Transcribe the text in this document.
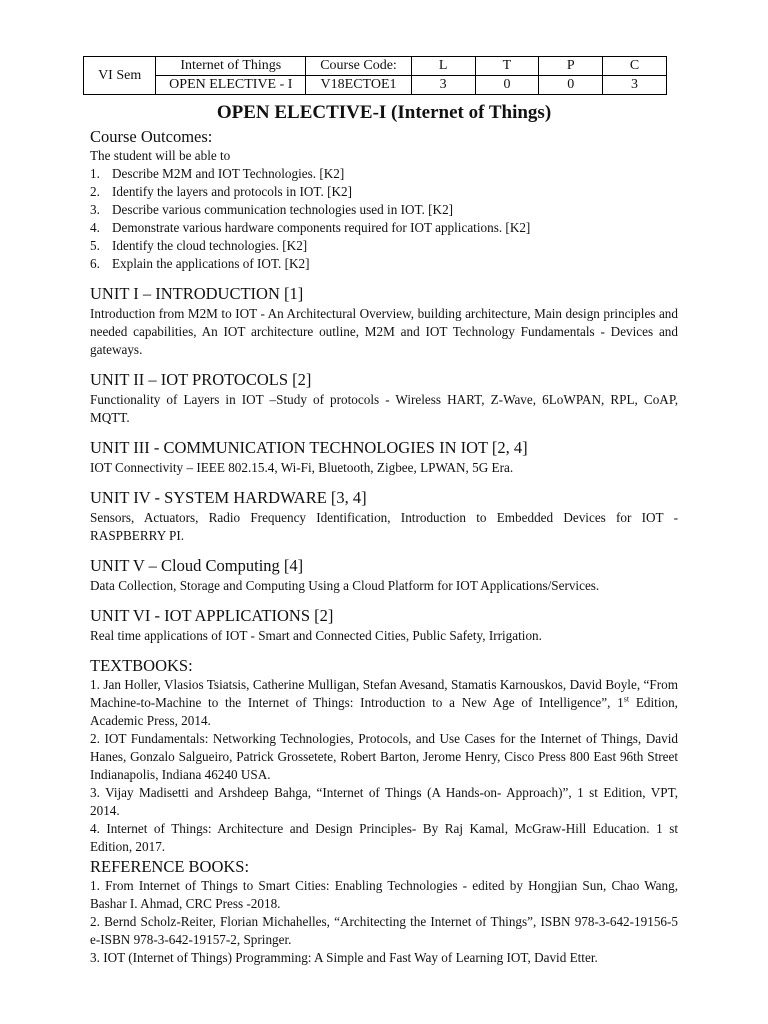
VI Sem	Internet of Things	Course Code:	L	T	P	C
	OPEN ELECTIVE - I	V18ECTOE1	3	0	0	3
OPEN ELECTIVE-I (Internet of Things)

Course Outcomes:

The student will be able to

1. Describe M2M and IOT Technologies. [K2]
2. Identify the layers and protocols in IOT. [K2]
3. Describe various communication technologies used in IOT. [K2]
4. Demonstrate various hardware components required for IOT applications. [K2]
5. Identify the cloud technologies. [K2]
6. Explain the applications of IOT. [K2]

UNIT I – INTRODUCTION [1]

Introduction from M2M to IOT - An Architectural Overview, building architecture, Main design principles and needed capabilities, An IOT architecture outline, M2M and IOT Technology Fundamentals - Devices and gateways.

UNIT II – IOT PROTOCOLS [2]

Functionality of Layers in IOT –Study of protocols - Wireless HART, Z-Wave, 6LoWPAN, RPL, CoAP, MQTT.

UNIT III - COMMUNICATION TECHNOLOGIES IN IOT [2, 4]

IOT Connectivity – IEEE 802.15.4, Wi-Fi, Bluetooth, Zigbee, LPWAN, 5G Era.

UNIT IV - SYSTEM HARDWARE [3, 4]

Sensors, Actuators, Radio Frequency Identification, Introduction to Embedded Devices for IOT - RASPBERRY PI.

UNIT V – Cloud Computing [4]

Data Collection, Storage and Computing Using a Cloud Platform for IOT Applications/Services.

UNIT VI - IOT APPLICATIONS [2]

Real time applications of IOT - Smart and Connected Cities, Public Safety, Irrigation.

TEXTBOOKS:

1. Jan Holler, Vlasios Tsiatsis, Catherine Mulligan, Stefan Avesand, Stamatis Karnouskos, David Boyle, “From Machine-to-Machine to the Internet of Things: Introduction to a New Age of Intelligence”, 1st Edition, Academic Press, 2014.

2. IOT Fundamentals: Networking Technologies, Protocols, and Use Cases for the Internet of Things, David Hanes, Gonzalo Salgueiro, Patrick Grossetete, Robert Barton, Jerome Henry, Cisco Press 800 East 96th Street Indianapolis, Indiana 46240 USA.

3. Vijay Madisetti and Arshdeep Bahga, “Internet of Things (A Hands-on- Approach)”, 1 st Edition, VPT, 2014.

4. Internet of Things: Architecture and Design Principles- By Raj Kamal, McGraw-Hill Education. 1 st Edition, 2017.

REFERENCE BOOKS:

1. From Internet of Things to Smart Cities: Enabling Technologies - edited by Hongjian Sun, Chao Wang, Bashar I. Ahmad, CRC Press -2018.

2. Bernd Scholz-Reiter, Florian Michahelles, “Architecting the Internet of Things”, ISBN 978-3-642-19156-5 e-ISBN 978-3-642-19157-2, Springer.

3. IOT (Internet of Things) Programming: A Simple and Fast Way of Learning IOT, David Etter.
